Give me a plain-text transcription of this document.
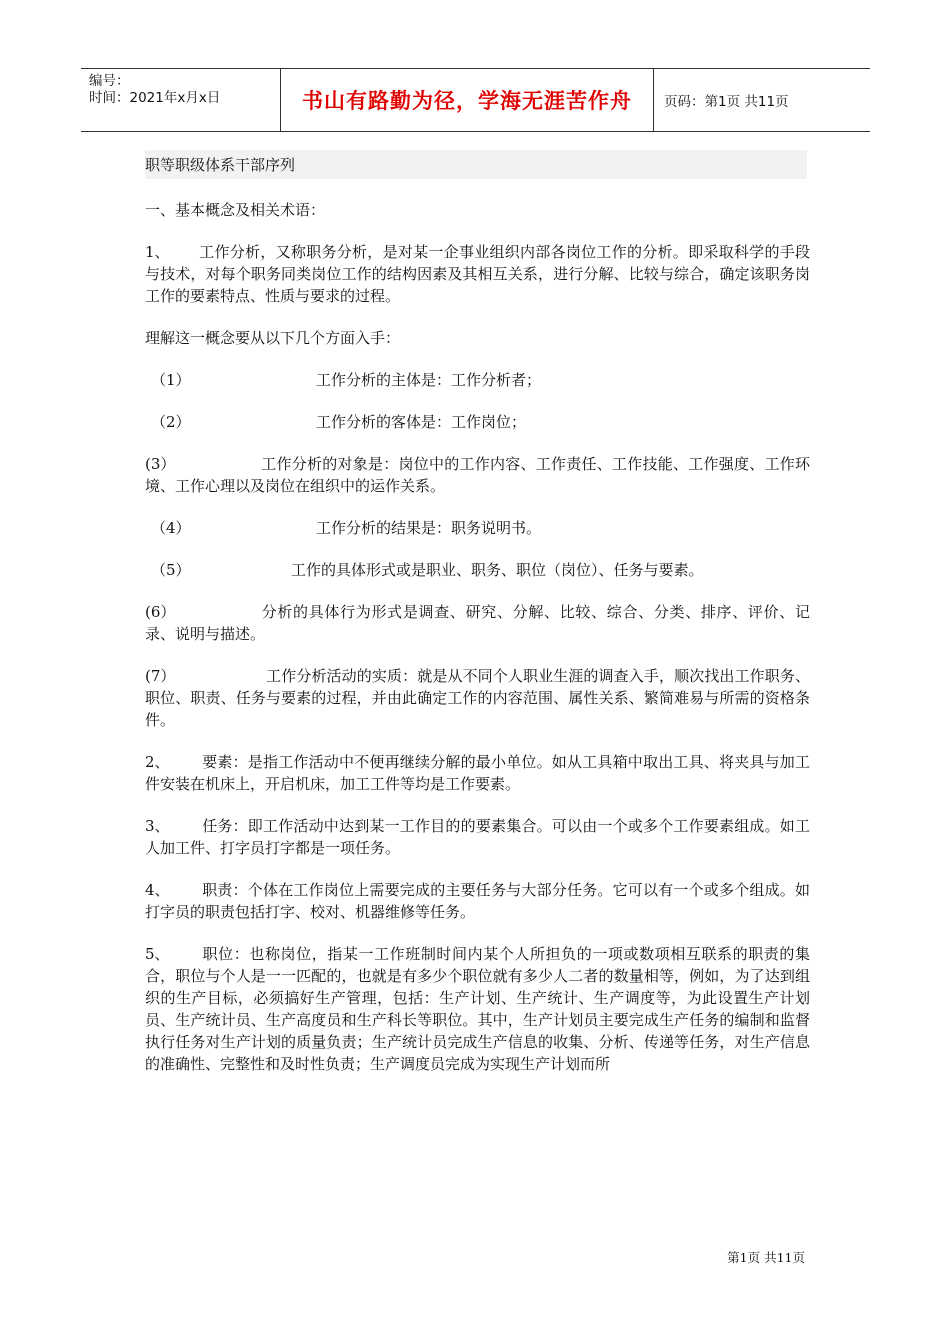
编号：
时间：2021年x月x日	书山有路勤为径，学海无涯苦作舟	页码：第1页 共11页
职等职级体系干部序列

一、基本概念及相关术语：

1、 工作分析，又称职务分析，是对某一企事业组织内部各岗位工作的分析。即采取科学的手段与技术，对每个职务同类岗位工作的结构因素及其相互关系，进行分解、比较与综合，确定该职务岗工作的要素特点、性质与要求的过程。

理解这一概念要从以下几个方面入手：

（1）	工作分析的主体是：工作分析者；

（2）	工作分析的客体是：工作岗位；

(3）	工作分析的对象是：岗位中的工作内容、工作责任、工作技能、工作强度、工作环境、工作心理以及岗位在组织中的运作关系。

（4）	工作分析的结果是：职务说明书。

（5）	工作的具体形式或是职业、职务、职位（岗位）、任务与要素。

(6）	分析的具体行为形式是调查、研究、分解、比较、综合、分类、排序、评价、记录、说明与描述。

(7）	工作分析活动的实质：就是从不同个人职业生涯的调查入手，顺次找出工作职务、职位、职责、任务与要素的过程，并由此确定工作的内容范围、属性关系、繁简难易与所需的资格条件。

2、 要素：是指工作活动中不便再继续分解的最小单位。如从工具箱中取出工具、将夹具与加工件安装在机床上，开启机床，加工工件等均是工作要素。

3、 任务：即工作活动中达到某一工作目的的要素集合。可以由一个或多个工作要素组成。如工人加工件、打字员打字都是一项任务。

4、 职责：个体在工作岗位上需要完成的主要任务与大部分任务。它可以有一个或多个组成。如打字员的职责包括打字、校对、机器维修等任务。

5、 职位：也称岗位，指某一工作班制时间内某个人所担负的一项或数项相互联系的职责的集合，职位与个人是一一匹配的，也就是有多少个职位就有多少人二者的数量相等，例如，为了达到组织的生产目标，必须搞好生产管理，包括：生产计划、生产统计、生产调度等，为此设置生产计划员、生产统计员、生产高度员和生产科长等职位。其中，生产计划员主要完成生产任务的编制和监督执行任务对生产计划的质量负责；生产统计员完成生产信息的收集、分析、传递等任务，对生产信息的准确性、完整性和及时性负责；生产调度员完成为实现生产计划而所

第1页 共11页
